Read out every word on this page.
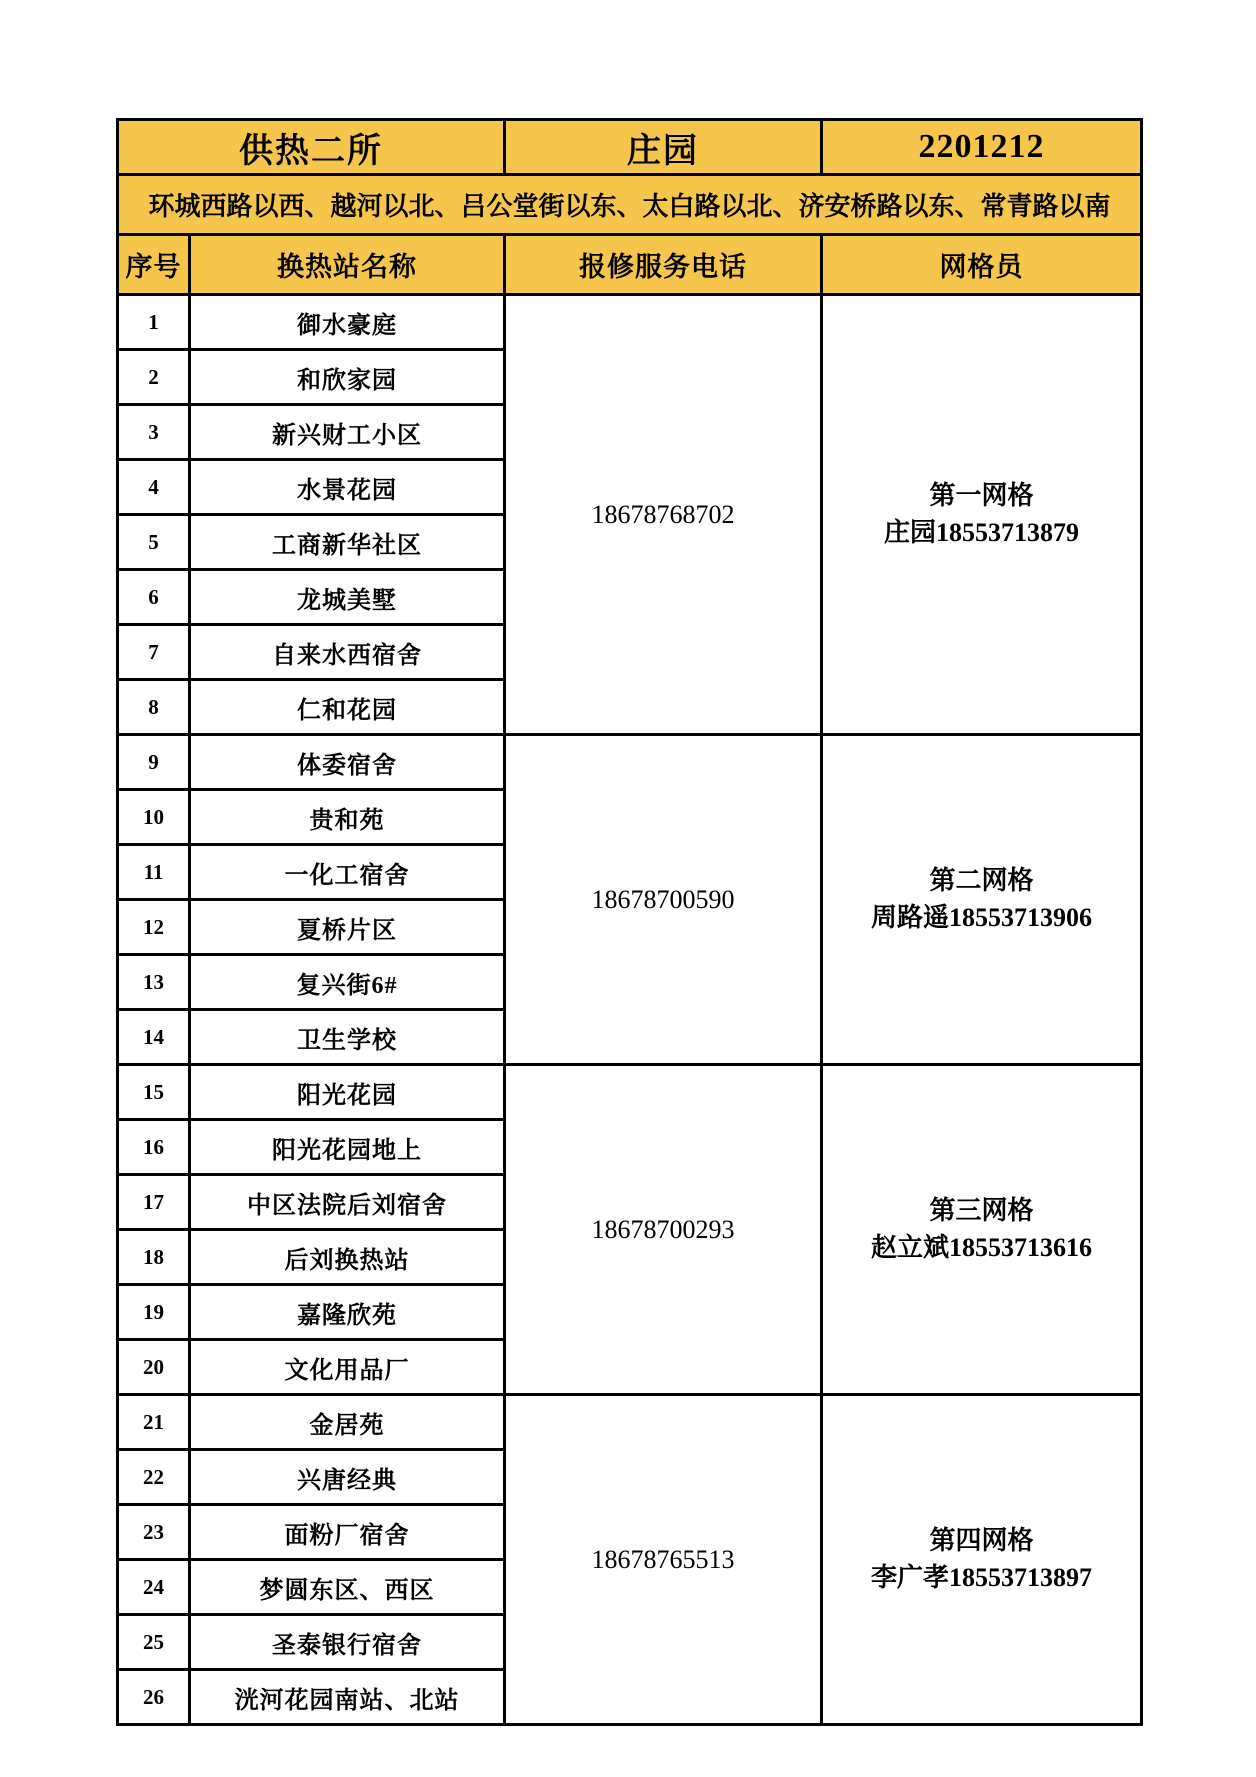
供热二所		庄园	2201212
环城西路以西、越河以北、吕公堂街以东、太白路以北、济安桥路以东、常青路以南			
序号	换热站名称	报修服务电话	网格员
1	御水豪庭	18678768702	第一网格
庄园18553713879

2	和欣家园		
3	新兴财工小区		
4	水景花园		
5	工商新华社区		
6	龙城美墅		
7	自来水西宿舍		
8	仁和花园		
9	体委宿舍	18678700590	第二网格
周路遥18553713906

10	贵和苑		
11	一化工宿舍		
12	夏桥片区		
13	复兴街6#		
14	卫生学校		
15	阳光花园	18678700293	第三网格
赵立斌18553713616

16	阳光花园地上		
17	中区法院后刘宿舍		
18	后刘换热站		
19	嘉隆欣苑		
20	文化用品厂		
21	金居苑	18678765513	第四网格
李广孝18553713897

22	兴唐经典		
23	面粉厂宿舍		
24	梦圆东区、西区		
25	圣泰银行宿舍		
26	洸河花园南站、北站		
